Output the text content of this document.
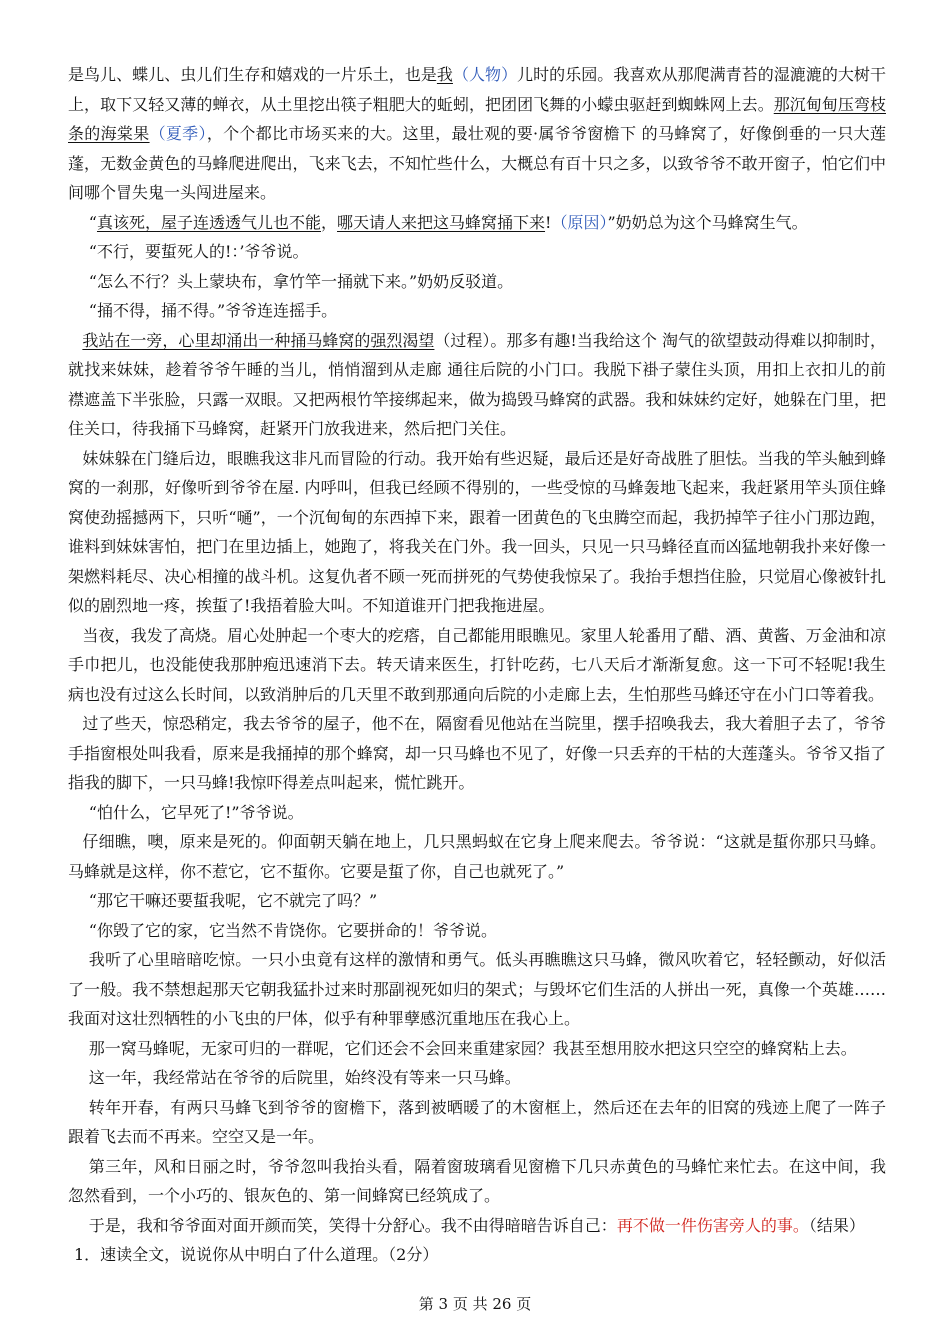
是鸟儿、蝶儿、虫儿们生存和嬉戏的一片乐土，也是我（人物）儿时的乐园。我喜欢从那爬满青苔的湿漉漉的大树干上，取下又轻又薄的蝉衣，从土里挖出筷子粗肥大的蚯蚓，把团团飞舞的小蠓虫驱赶到蜘蛛网上去。那沉甸甸压弯枝条的海棠果（夏季），个个都比市场买来的大。这里，最壮观的要·属爷爷窗檐下 的马蜂窝了，好像倒垂的一只大莲蓬，无数金黄色的马蜂爬进爬出，飞来飞去，不知忙些什么，大概总有百十只之多，以致爷爷不敢开窗子，怕它们中间哪个冒失鬼一头闯进屋来。

“真该死，屋子连透透气儿也不能，哪天请人来把这马蜂窝捅下来!（原因）”奶奶总为这个马蜂窝生气。

“不行，要蜇死人的!：’爷爷说。

“怎么不行？头上蒙块布，拿竹竿一捅就下来。”奶奶反驳道。

“捅不得，捅不得。”爷爷连连摇手。

我站在一旁，心里却涌出一种捅马蜂窝的强烈渴望（过程）。那多有趣!当我给这个 淘气的欲望鼓动得难以抑制时，就找来妹妹，趁着爷爷午睡的当儿，悄悄溜到从走廊 通往后院的小门口。我脱下褂子蒙住头顶，用扣上衣扣儿的前襟遮盖下半张脸，只露一双眼。又把两根竹竿接绑起来，做为捣毁马蜂窝的武器。我和妹妹约定好，她躲在门里，把住关口，待我捅下马蜂窝，赶紧开门放我进来，然后把门关住。

妹妹躲在门缝后边，眼瞧我这非凡而冒险的行动。我开始有些迟疑，最后还是好奇战胜了胆怯。当我的竿头触到蜂窝的一刹那，好像听到爷爷在屋. 内呼叫，但我已经顾不得别的，一些受惊的马蜂轰地飞起来，我赶紧用竿头顶住蜂窝使劲摇撼两下，只听“嗵”，一个沉甸甸的东西掉下来，跟着一团黄色的飞虫腾空而起，我扔掉竿子往小门那边跑，谁料到妹妹害怕，把门在里边插上，她跑了，将我关在门外。我一回头，只见一只马蜂径直而凶猛地朝我扑来好像一架燃料耗尽、决心相撞的战斗机。这复仇者不顾一死而拼死的气势使我惊呆了。我抬手想挡住脸，只觉眉心像被针扎似的剧烈地一疼，挨蜇了!我捂着脸大叫。不知道谁开门把我拖进屋。

当夜，我发了高烧。眉心处肿起一个枣大的疙瘩，自己都能用眼瞧见。家里人轮番用了醋、酒、黄酱、万金油和凉手巾把儿，也没能使我那肿疱迅速消下去。转天请来医生，打针吃药，七八天后才渐渐复愈。这一下可不轻呢!我生病也没有过这么长时间，以致消肿后的几天里不敢到那通向后院的小走廊上去，生怕那些马蜂还守在小门口等着我。

过了些天，惊恐稍定，我去爷爷的屋子，他不在，隔窗看见他站在当院里，摆手招唤我去，我大着胆子去了，爷爷手指窗根处叫我看，原来是我捅掉的那个蜂窝，却一只马蜂也不见了，好像一只丢弃的干枯的大莲蓬头。爷爷又指了指我的脚下，一只马蜂!我惊吓得差点叫起来，慌忙跳开。

“怕什么，它早死了!”爷爷说。

仔细瞧，噢，原来是死的。仰面朝天躺在地上，几只黑蚂蚁在它身上爬来爬去。爷爷说：“这就是蜇你那只马蜂。马蜂就是这样，你不惹它，它不蜇你。它要是蜇了你，自己也就死了。”

“那它干嘛还要蜇我呢，它不就完了吗？”

“你毁了它的家，它当然不肯饶你。它要拼命的！爷爷说。

我听了心里暗暗吃惊。一只小虫竟有这样的激情和勇气。低头再瞧瞧这只马蜂，微风吹着它，轻轻颤动，好似活了一般。我不禁想起那天它朝我猛扑过来时那副视死如归的架式；与毁坏它们生活的人拼出一死，真像一个英雄……我面对这壮烈牺牲的小飞虫的尸体，似乎有种罪孽感沉重地压在我心上。

那一窝马蜂呢，无家可归的一群呢，它们还会不会回来重建家园？我甚至想用胶水把这只空空的蜂窝粘上去。

这一年，我经常站在爷爷的后院里，始终没有等来一只马蜂。

转年开春，有两只马蜂飞到爷爷的窗檐下，落到被晒暖了的木窗框上，然后还在去年的旧窝的残迹上爬了一阵子跟着飞去而不再来。空空又是一年。

第三年，风和日丽之时，爷爷忽叫我抬头看，隔着窗玻璃看见窗檐下几只赤黄色的马蜂忙来忙去。在这中间，我忽然看到，一个小巧的、银灰色的、第一间蜂窝已经筑成了。

于是，我和爷爷面对面开颜而笑，笑得十分舒心。我不由得暗暗告诉自己：再不做一件伤害旁人的事。（结果）

1．速读全文，说说你从中明白了什么道理。（2分）

第 3 页 共 26 页
